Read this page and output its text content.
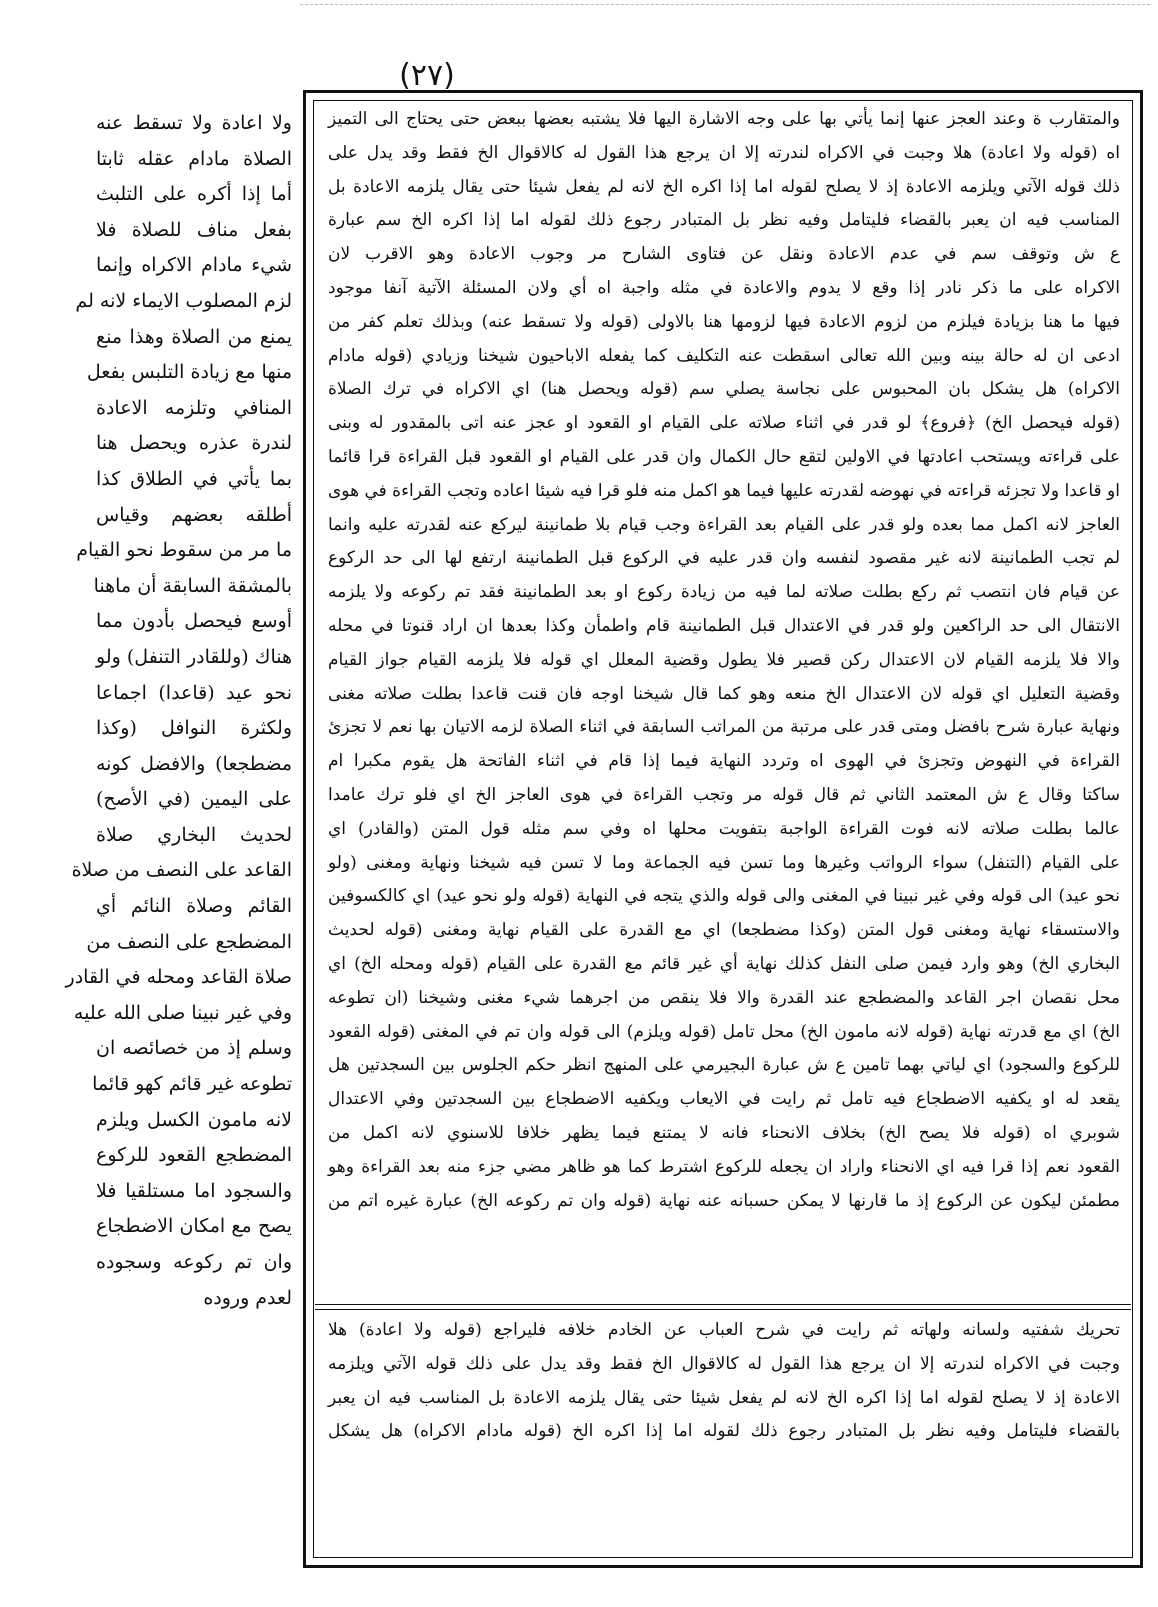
(٢٧)
والمتقارب ة وعند العجز عنها إنما يأتي بها على وجه الاشارة اليها فلا يشتبه بعضها ببعض حتى يحتاج الى التميز
اه (قوله ولا اعادة) هلا وجبت في الاكراه لندرته إلا ان يرجع هذا القول له كالاقوال الخ فقط وقد يدل على
ذلك قوله الآتي ويلزمه الاعادة إذ لا يصلح لقوله اما إذا اكره الخ لانه لم يفعل شيئا حتى يقال يلزمه الاعادة بل
المناسب فيه ان يعبر بالقضاء فليتامل وفيه نظر بل المتبادر رجوع ذلك لقوله اما إذا اكره الخ سم عبارة
ع ش وتوقف سم في عدم الاعادة ونقل عن فتاوى الشارح مر وجوب الاعادة وهو الاقرب لان
الاكراه على ما ذكر نادر إذا وقع لا يدوم والاعادة في مثله واجبة اه أي ولان المسئلة الآتية آنفا موجود
فيها ما هنا بزيادة فيلزم من لزوم الاعادة فيها لزومها هنا بالاولى (قوله ولا تسقط عنه) وبذلك تعلم كفر من
ادعى ان له حالة بينه وبين الله تعالى اسقطت عنه التكليف كما يفعله الاباحيون شيخنا وزيادي (قوله مادام
الاكراه) هل يشكل بان المحبوس على نجاسة يصلي سم (قوله ويحصل هنا) اي الاكراه في ترك الصلاة
(قوله فيحصل الخ) ﴿فروع﴾ لو قدر في اثناء صلاته على القيام او القعود او عجز عنه اتى بالمقدور له وبنى
على قراءته ويستحب اعادتها في الاولين لتقع حال الكمال وان قدر على القيام او القعود قبل القراءة قرا قائما
او قاعدا ولا تجزئه قراءته في نهوضه لقدرته عليها فيما هو اكمل منه فلو قرا فيه شيئا اعاده وتجب القراءة في هوى
العاجز لانه اكمل مما بعده ولو قدر على القيام بعد القراءة وجب قيام بلا طمانينة ليركع عنه لقدرته عليه وانما
لم تجب الطمانينة لانه غير مقصود لنفسه وان قدر عليه في الركوع قبل الطمانينة ارتفع لها الى حد الركوع
عن قيام فان انتصب ثم ركع بطلت صلاته لما فيه من زيادة ركوع او بعد الطمانينة فقد تم ركوعه ولا يلزمه
الانتقال الى حد الراكعين ولو قدر في الاعتدال قبل الطمانينة قام واطمأن وكذا بعدها ان اراد قنوتا في محله
والا فلا يلزمه القيام لان الاعتدال ركن قصير فلا يطول وقضية المعلل اي قوله فلا يلزمه القيام جواز القيام
وقضية التعليل اي قوله لان الاعتدال الخ منعه وهو كما قال شيخنا اوجه فان قنت قاعدا بطلت صلاته مغنى
ونهاية عبارة شرح بافضل ومتى قدر على مرتبة من المراتب السابقة في اثناء الصلاة لزمه الاتيان بها نعم لا تجزئ
القراءة في النهوض وتجزئ في الهوى اه وتردد النهاية فيما إذا قام في اثناء الفاتحة هل يقوم مكبرا ام
ساكتا وقال ع ش المعتمد الثاني ثم قال قوله مر وتجب القراءة في هوى العاجز الخ اي فلو ترك عامدا
عالما بطلت صلاته لانه فوت القراءة الواجبة بتفويت محلها اه وفي سم مثله قول المتن (والقادر) اي
على القيام (التنفل) سواء الرواتب وغيرها وما تسن فيه الجماعة وما لا تسن فيه شيخنا ونهاية ومغنى (ولو
نحو عيد) الى قوله وفي غير نبينا في المغنى والى قوله والذي يتجه في النهاية (قوله ولو نحو عيد) اي كالكسوفين
والاستسقاء نهاية ومغنى قول المتن (وكذا مضطجعا) اي مع القدرة على القيام نهاية ومغنى (قوله لحديث
البخاري الخ) وهو وارد فيمن صلى النفل كذلك نهاية أي غير قائم مع القدرة على القيام (قوله ومحله الخ) اي
محل نقصان اجر القاعد والمضطجع عند القدرة والا فلا ينقص من اجرهما شيء مغنى وشيخنا (ان تطوعه
الخ) اي مع قدرته نهاية (قوله لانه مامون الخ) محل تامل (قوله ويلزم) الى قوله وان تم في المغنى (قوله القعود
للركوع والسجود) اي لياتي بهما تامين ع ش عبارة البجيرمي على المنهج انظر حكم الجلوس بين السجدتين هل
يقعد له او يكفيه الاضطجاع فيه تامل ثم رايت في الايعاب ويكفيه الاضطجاع بين السجدتين وفي الاعتدال
شوبري اه (قوله فلا يصح الخ) بخلاف الانحناء فانه لا يمتنع فيما يظهر خلافا للاسنوي لانه اكمل من
القعود نعم إذا قرا فيه اي الانحناء واراد ان يجعله للركوع اشترط كما هو ظاهر مضي جزء منه بعد القراءة وهو
مطمئن ليكون عن الركوع إذ ما قارنها لا يمكن حسبانه عنه نهاية (قوله وان تم ركوعه الخ) عبارة غيره اتم من
تحريك شفتيه ولسانه ولهاته ثم رايت في شرح العباب عن الخادم خلافه فليراجع (قوله ولا اعادة) هلا
وجبت في الاكراه لندرته إلا ان يرجع هذا القول له كالاقوال الخ فقط وقد يدل على ذلك قوله الآتي ويلزمه
الاعادة إذ لا يصلح لقوله اما إذا اكره الخ لانه لم يفعل شيئا حتى يقال يلزمه الاعادة بل المناسب فيه ان يعبر
بالقضاء فليتامل وفيه نظر بل المتبادر رجوع ذلك لقوله اما إذا اكره الخ (قوله مادام الاكراه) هل يشكل
ولا اعادة ولا تسقط عنه
الصلاة مادام عقله ثابتا
أما إذا أكره على التلبث
بفعل مناف للصلاة فلا
شيء مادام الاكراه وإنما
لزم المصلوب الايماء لانه لم
يمنع من الصلاة وهذا منع
منها مع زيادة التلبس بفعل
المنافي وتلزمه الاعادة
لندرة عذره ويحصل هنا
بما يأتي في الطلاق كذا
أطلقه بعضهم وقياس
ما مر من سقوط نحو القيام
بالمشقة السابقة أن ماهنا
أوسع فيحصل بأدون مما
هناك (وللقادر التنفل) ولو
نحو عيد (قاعدا) اجماعا
ولكثرة النوافل (وكذا
مضطجعا) والافضل كونه
على اليمين (في الأصح)
لحديث البخاري صلاة
القاعد على النصف من صلاة
القائم وصلاة النائم أي
المضطجع على النصف من
صلاة القاعد ومحله في القادر
وفي غير نبينا صلى الله عليه
وسلم إذ من خصائصه ان
تطوعه غير قائم كهو قائما
لانه مامون الكسل ويلزم
المضطجع القعود للركوع
والسجود اما مستلقيا فلا
يصح مع امكان الاضطجاع
وان تم ركوعه وسجوده
لعدم وروده
